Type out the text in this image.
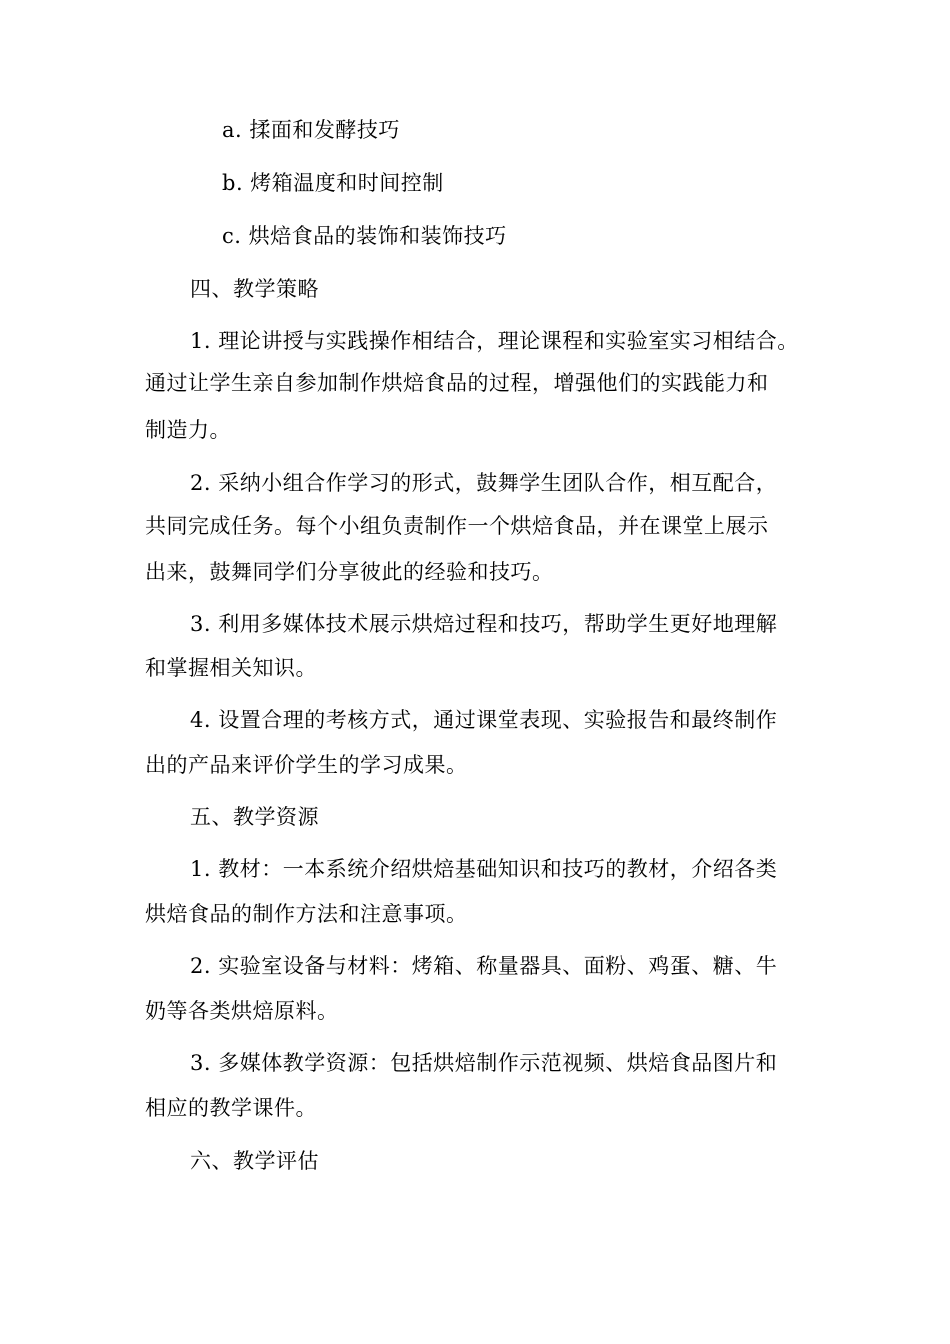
a. 揉面和发酵技巧
b. 烤箱温度和时间控制
c. 烘焙食品的装饰和装饰技巧
四、教学策略
1. 理论讲授与实践操作相结合，理论课程和实验室实习相结合。
通过让学生亲自参加制作烘焙食品的过程，增强他们的实践能力和
制造力。
2. 采纳小组合作学习的形式，鼓舞学生团队合作，相互配合，
共同完成任务。每个小组负责制作一个烘焙食品，并在课堂上展示
出来，鼓舞同学们分享彼此的经验和技巧。
3. 利用多媒体技术展示烘焙过程和技巧，帮助学生更好地理解
和掌握相关知识。
4. 设置合理的考核方式，通过课堂表现、实验报告和最终制作
出的产品来评价学生的学习成果。
五、教学资源
1. 教材：一本系统介绍烘焙基础知识和技巧的教材，介绍各类
烘焙食品的制作方法和注意事项。
2. 实验室设备与材料：烤箱、称量器具、面粉、鸡蛋、糖、牛
奶等各类烘焙原料。
3. 多媒体教学资源：包括烘焙制作示范视频、烘焙食品图片和
相应的教学课件。
六、教学评估
